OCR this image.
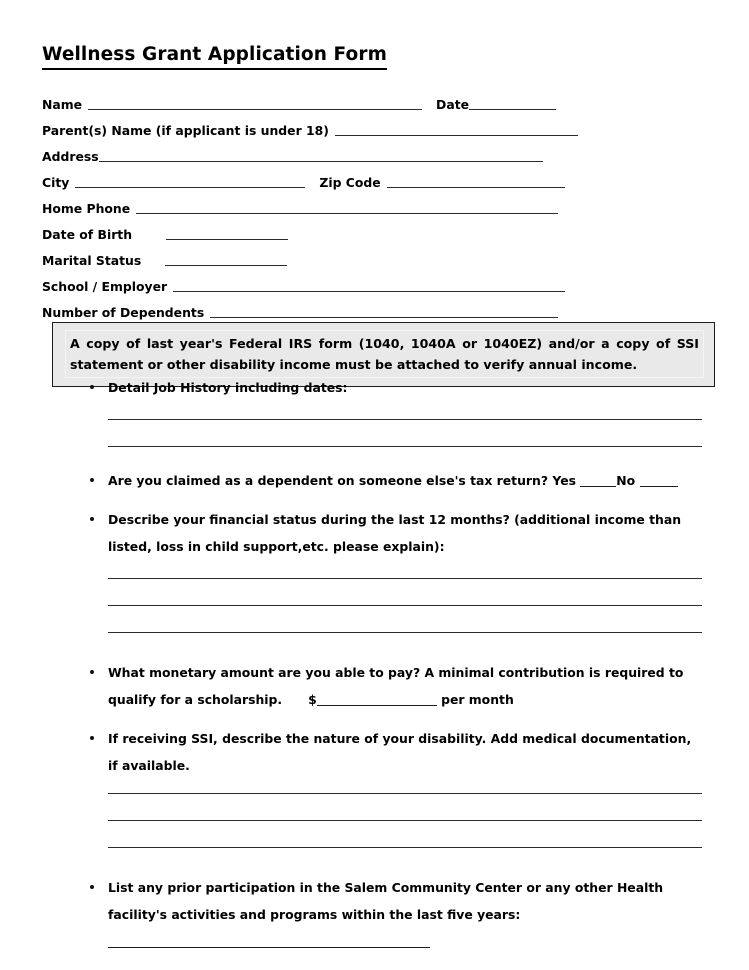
Wellness Grant Application Form
Name	Date
Parent(s) Name (if applicant is under 18)
Address
City	Zip Code
Home Phone
Date of Birth
Marital Status
School / Employer
Number of Dependents

A copy of last year's Federal IRS form (1040, 1040A or 1040EZ) and/or a copy of SSI statement or other disability income must be attached to verify annual income.

Detail Job History including dates:
Are you claimed as a dependent on someone else's tax return? Yes	No
Describe your financial status during the last 12 months? (additional income than listed, loss in child support,etc. please explain):
What monetary amount are you able to pay? A minimal contribution is required to qualify for a scholarship. $	per month
If receiving SSI, describe the nature of your disability. Add medical documentation, if available.
List any prior participation in the Salem Community Center or any other Health facility's activities and programs within the last five years:
